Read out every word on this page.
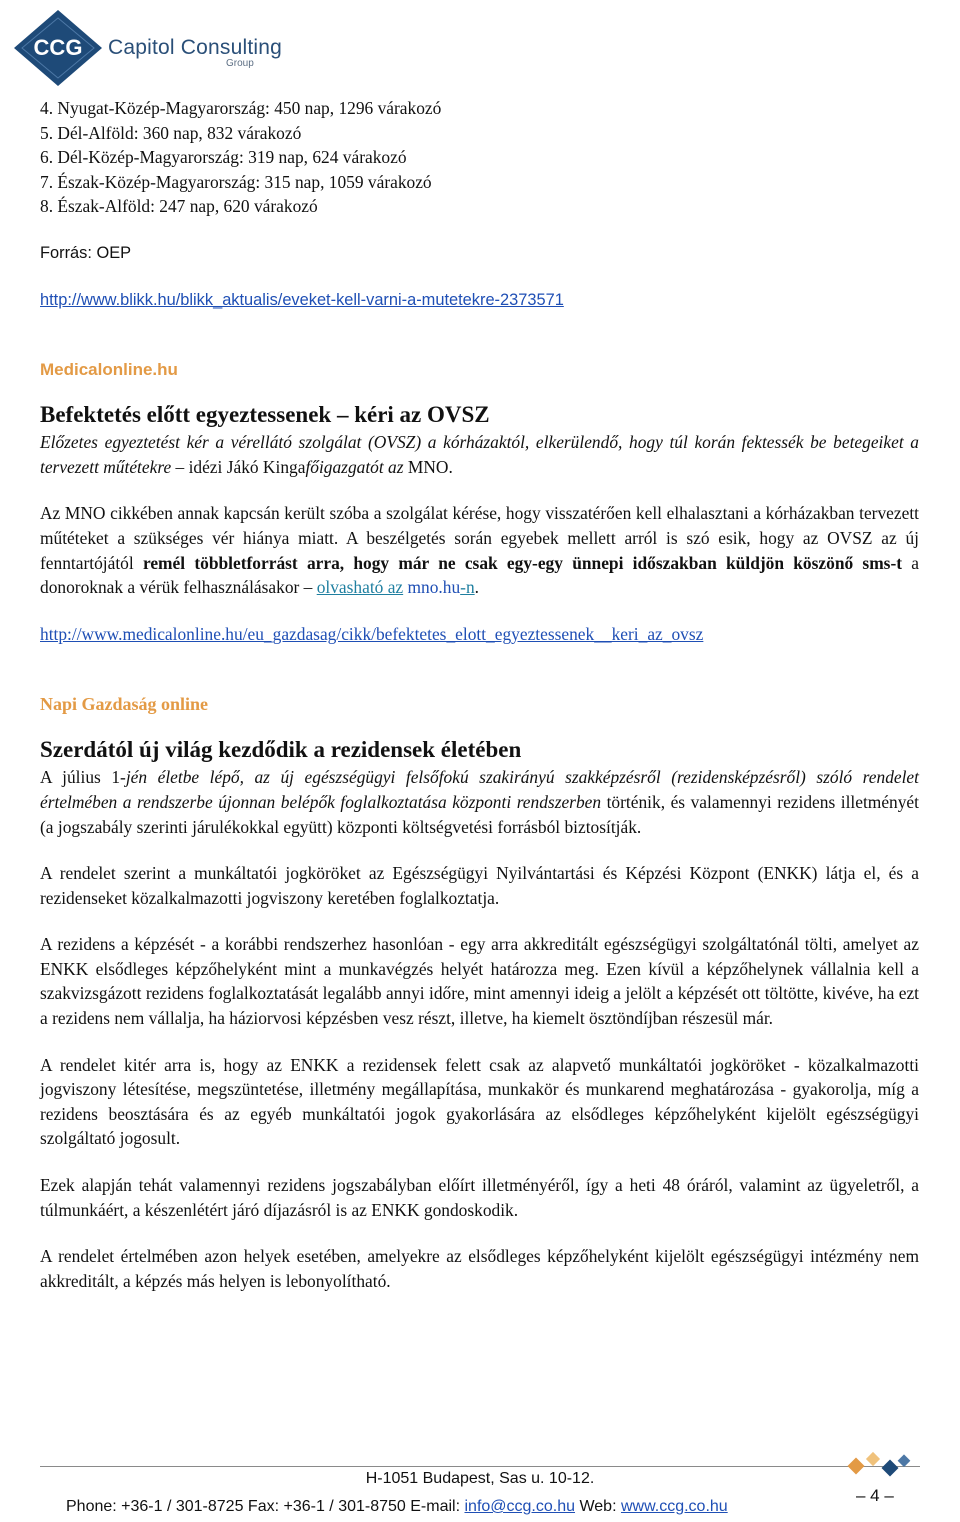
CCG Capitol Consulting
Group

4. Nyugat-Közép-Magyarország: 450 nap, 1296 várakozó

5. Dél-Alföld: 360 nap, 832 várakozó

6. Dél-Közép-Magyarország: 319 nap, 624 várakozó

7. Észak-Közép-Magyarország: 315 nap, 1059 várakozó

8. Észak-Alföld: 247 nap, 620 várakozó

Forrás: OEP

http://www.blikk.hu/blikk_aktualis/eveket-kell-varni-a-mutetekre-2373571

Medicalonline.hu

Befektetés előtt egyeztessenek – kéri az OVSZ

Előzetes egyeztetést kér a vérellátó szolgálat (OVSZ) a kórházaktól, elkerülendő, hogy túl korán fektessék be betegeiket a tervezett műtétekre – idézi Jákó Kingafőigazgatót az MNO.

Az MNO cikkében annak kapcsán került szóba a szolgálat kérése, hogy visszatérően kell elhalasztani a kórházakban tervezett műtéteket a szükséges vér hiánya miatt. A beszélgetés során egyebek mellett arról is szó esik, hogy az OVSZ az új fenntartójától remél többletforrást arra, hogy már ne csak egy-egy ünnepi időszakban küldjön köszönő sms-t a donoroknak a vérük felhasználásakor – olvasható az mno.hu-n.

http://www.medicalonline.hu/eu_gazdasag/cikk/befektetes_elott_egyeztessenek__keri_az_ovsz

Napi Gazdaság online

Szerdától új világ kezdődik a rezidensek életében

A július 1-jén életbe lépő, az új egészségügyi felsőfokú szakirányú szakképzésről (rezidensképzésről) szóló rendelet értelmében a rendszerbe újonnan belépők foglalkoztatása központi rendszerben történik, és valamennyi rezidens illetményét (a jogszabály szerinti járulékokkal együtt) központi költségvetési forrásból biztosítják.

A rendelet szerint a munkáltatói jogköröket az Egészségügyi Nyilvántartási és Képzési Központ (ENKK) látja el, és a rezidenseket közalkalmazotti jogviszony keretében foglalkoztatja.

A rezidens a képzését - a korábbi rendszerhez hasonlóan - egy arra akkreditált egészségügyi szolgáltatónál tölti, amelyet az ENKK elsődleges képzőhelyként mint a munkavégzés helyét határozza meg. Ezen kívül a képzőhelynek vállalnia kell a szakvizsgázott rezidens foglalkoztatását legalább annyi időre, mint amennyi ideig a jelölt a képzését ott töltötte, kivéve, ha ezt a rezidens nem vállalja, ha háziorvosi képzésben vesz részt, illetve, ha kiemelt ösztöndíjban részesül már.

A rendelet kitér arra is, hogy az ENKK a rezidensek felett csak az alapvető munkáltatói jogköröket - közalkalmazotti jogviszony létesítése, megszüntetése, illetmény megállapítása, munkakör és munkarend meghatározása - gyakorolja, míg a rezidens beosztására és az egyéb munkáltatói jogok gyakorlására az elsődleges képzőhelyként kijelölt egészségügyi szolgáltató jogosult.

Ezek alapján tehát valamennyi rezidens jogszabályban előírt illetményéről, így a heti 48 óráról, valamint az ügyeletről, a túlmunkáért, a készenlétért járó díjazásról is az ENKK gondoskodik.

A rendelet értelmében azon helyek esetében, amelyekre az elsődleges képzőhelyként kijelölt egészségügyi intézmény nem akkreditált, a képzés más helyen is lebonyolítható.

H-1051 Budapest, Sas u. 10-12.
Phone: +36-1 / 301-8725 Fax: +36-1 / 301-8750 E-mail: info@ccg.co.hu Web: www.ccg.co.hu
– 4 –
